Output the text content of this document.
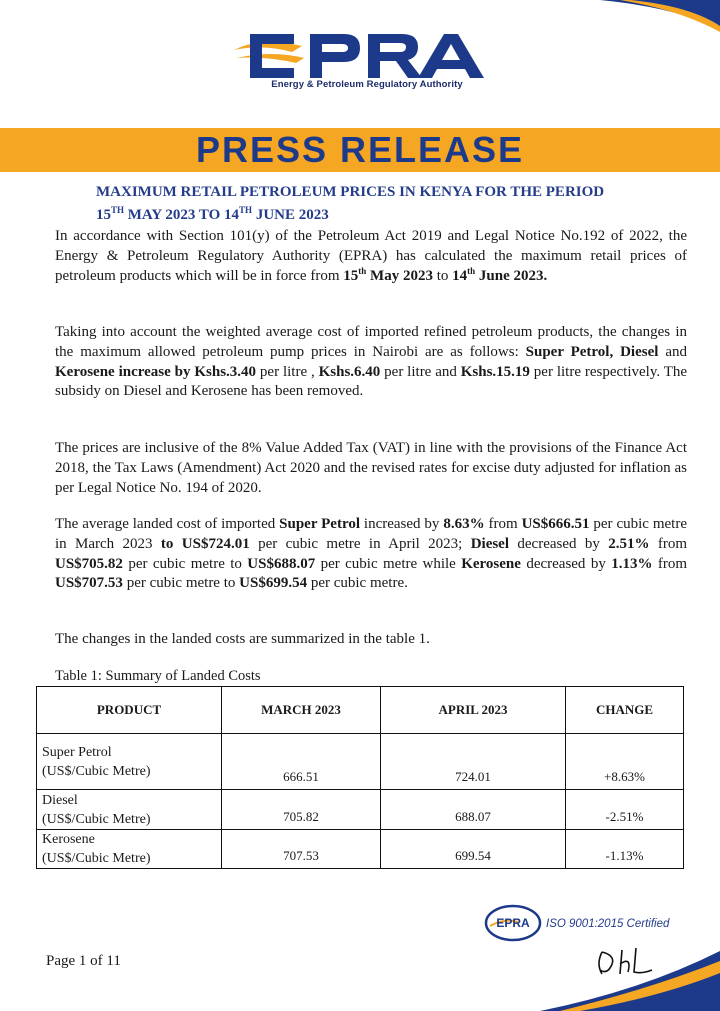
Energy & Petroleum Regulatory Authority
PRESS RELEASE
MAXIMUM RETAIL PETROLEUM PRICES IN KENYA FOR THE PERIOD
15TH MAY 2023 TO 14TH JUNE 2023
In accordance with Section 101(y) of the Petroleum Act 2019 and Legal Notice No.192 of 2022, the Energy & Petroleum Regulatory Authority (EPRA) has calculated the maximum retail prices of petroleum products which will be in force from 15th May 2023 to 14th June 2023.
Taking into account the weighted average cost of imported refined petroleum products, the changes in the maximum allowed petroleum pump prices in Nairobi are as follows: Super Petrol, Diesel and Kerosene increase by Kshs.3.40 per litre , Kshs.6.40 per litre and Kshs.15.19 per litre respectively. The subsidy on Diesel and Kerosene has been removed.
The prices are inclusive of the 8% Value Added Tax (VAT) in line with the provisions of the Finance Act 2018, the Tax Laws (Amendment) Act 2020 and the revised rates for excise duty adjusted for inflation as per Legal Notice No. 194 of 2020.
The average landed cost of imported Super Petrol increased by 8.63% from US$666.51 per cubic metre in March 2023 to US$724.01 per cubic metre in April 2023; Diesel decreased by 2.51% from US$705.82 per cubic metre to US$688.07 per cubic metre while Kerosene decreased by 1.13% from US$707.53 per cubic metre to US$699.54 per cubic metre.
The changes in the landed costs are summarized in the table 1.
Table 1: Summary of Landed Costs
PRODUCT	MARCH 2023	APRIL 2023	CHANGE

Super Petrol
(US$/Cubic Metre)	666.51	724.01	+8.63%

Diesel
(US$/Cubic Metre)	705.82	688.07	-2.51%

Kerosene
(US$/Cubic Metre)	707.53	699.54	-1.13%
EPRA ISO 9001:2015 Certified
Page 1 of 11
